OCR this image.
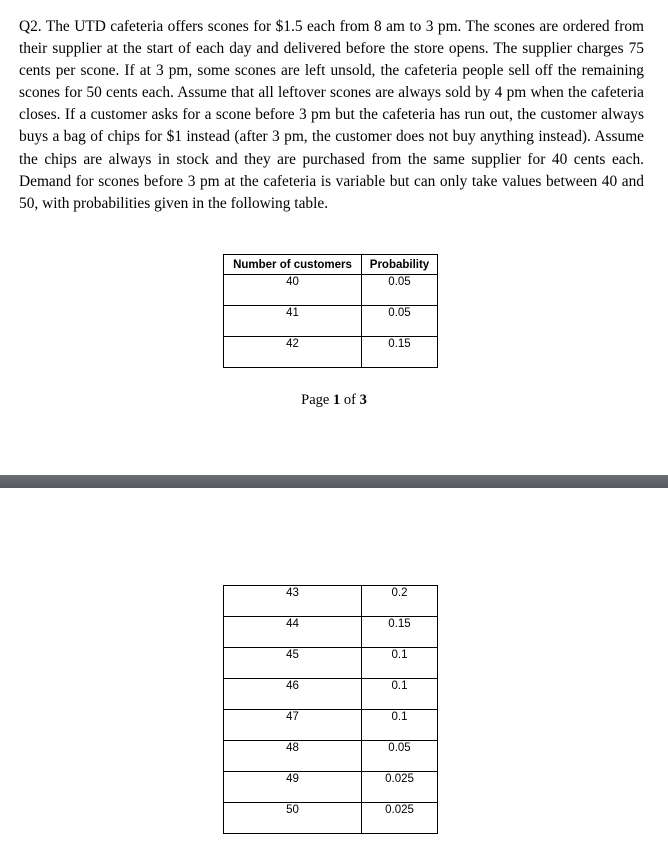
Q2. The UTD cafeteria offers scones for $1.5 each from 8 am to 3 pm. The scones are ordered from their supplier at the start of each day and delivered before the store opens. The supplier charges 75 cents per scone. If at 3 pm, some scones are left unsold, the cafeteria people sell off the remaining scones for 50 cents each. Assume that all leftover scones are always sold by 4 pm when the cafeteria closes. If a customer asks for a scone before 3 pm but the cafeteria has run out, the customer always buys a bag of chips for $1 instead (after 3 pm, the customer does not buy anything instead). Assume the chips are always in stock and they are purchased from the same supplier for 40 cents each. Demand for scones before 3 pm at the cafeteria is variable but can only take values between 40 and 50, with probabilities given in the following table.

Number of customers	Probability
40	0.05
41	0.05
42	0.15
Page 1 of 3
43	0.2
44	0.15
45	0.1
46	0.1
47	0.1
48	0.05
49	0.025
50	0.025
